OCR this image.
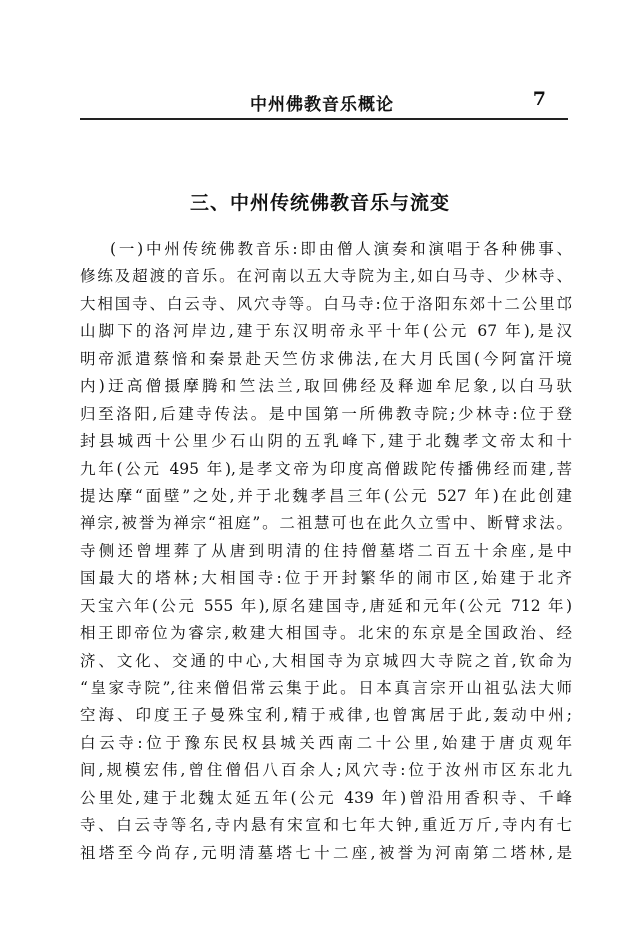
中州佛教音乐概论	7
三、中州传统佛教音乐与流变
(一)中州传统佛教音乐:即由僧人演奏和演唱于各种佛事、
修练及超渡的音乐。在河南以五大寺院为主,如白马寺、少林寺、
大相国寺、白云寺、风穴寺等。白马寺:位于洛阳东郊十二公里邙
山脚下的洛河岸边,建于东汉明帝永平十年(公元 67 年),是汉
明帝派遣蔡愔和秦景赴天竺仿求佛法,在大月氏国(今阿富汗境
内)迂高僧摄摩腾和竺法兰,取回佛经及释迦牟尼象,以白马驮
归至洛阳,后建寺传法。是中国第一所佛教寺院;少林寺:位于登
封县城西十公里少石山阴的五乳峰下,建于北魏孝文帝太和十
九年(公元 495 年),是孝文帝为印度高僧跋陀传播佛经而建,菩
提达摩“面壁”之处,并于北魏孝昌三年(公元 527 年)在此创建
禅宗,被誉为禅宗“祖庭”。二祖慧可也在此久立雪中、断臂求法。
寺侧还曾埋葬了从唐到明清的住持僧墓塔二百五十余座,是中
国最大的塔林;大相国寺:位于开封繁华的闹市区,始建于北齐
天宝六年(公元 555 年),原名建国寺,唐延和元年(公元 712 年)
相王即帝位为睿宗,敕建大相国寺。北宋的东京是全国政治、经
济、文化、交通的中心,大相国寺为京城四大寺院之首,钦命为
“皇家寺院”,往来僧侣常云集于此。日本真言宗开山祖弘法大师
空海、印度王子曼殊宝利,精于戒律,也曾寓居于此,轰动中州;
白云寺:位于豫东民权县城关西南二十公里,始建于唐贞观年
间,规模宏伟,曾住僧侣八百余人;风穴寺:位于汝州市区东北九
公里处,建于北魏太延五年(公元 439 年)曾沿用香积寺、千峰
寺、白云寺等名,寺内悬有宋宣和七年大钟,重近万斤,寺内有七
祖塔至今尚存,元明清墓塔七十二座,被誉为河南第二塔林,是
